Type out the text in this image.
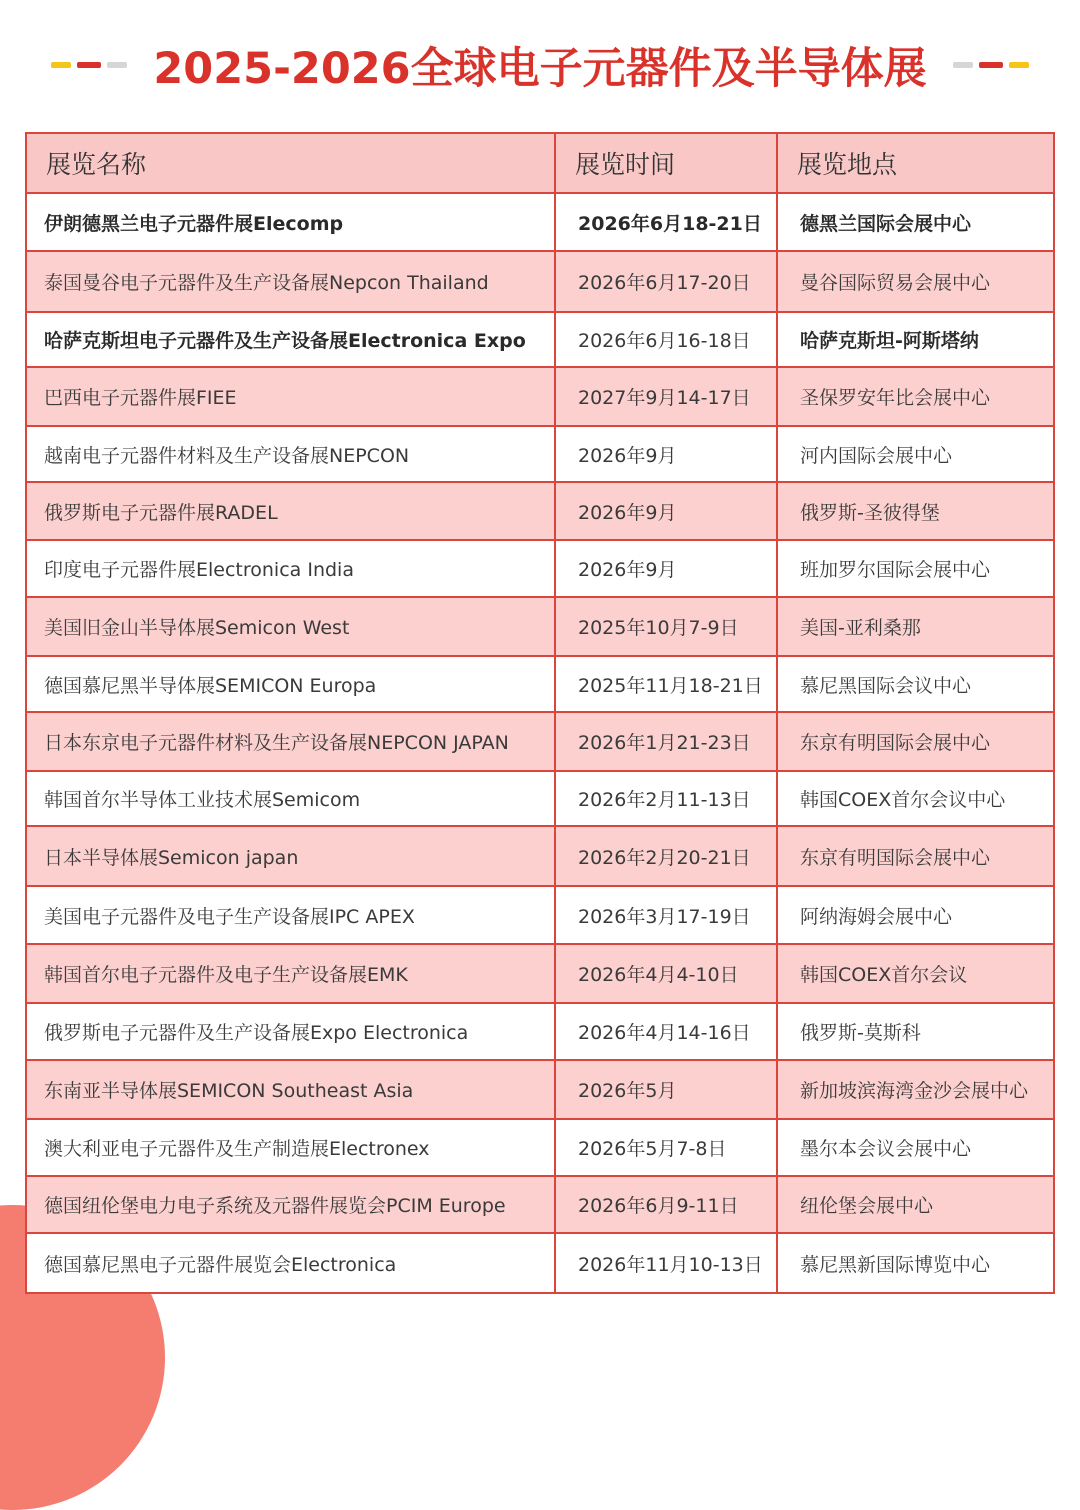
2025-2026全球电子元器件及半导体展
展览名称	展览时间	展览地点
伊朗德黑兰电子元器件展Elecomp	2026年6月18-21日	德黑兰国际会展中心
泰国曼谷电子元器件及生产设备展Nepcon Thailand	2026年6月17-20日	曼谷国际贸易会展中心
哈萨克斯坦电子元器件及生产设备展Electronica Expo	2026年6月16-18日	哈萨克斯坦-阿斯塔纳
巴西电子元器件展FIEE	2027年9月14-17日	圣保罗安年比会展中心
越南电子元器件材料及生产设备展NEPCON	2026年9月	河内国际会展中心
俄罗斯电子元器件展RADEL	2026年9月	俄罗斯-圣彼得堡
印度电子元器件展Electronica India	2026年9月	班加罗尔国际会展中心
美国旧金山半导体展Semicon West	2025年10月7-9日	美国-亚利桑那
德国慕尼黑半导体展SEMICON Europa	2025年11月18-21日	慕尼黑国际会议中心
日本东京电子元器件材料及生产设备展NEPCON JAPAN	2026年1月21-23日	东京有明国际会展中心
韩国首尔半导体工业技术展Semicom	2026年2月11-13日	韩国COEX首尔会议中心
日本半导体展Semicon japan	2026年2月20-21日	东京有明国际会展中心
美国电子元器件及电子生产设备展IPC APEX	2026年3月17-19日	阿纳海姆会展中心
韩国首尔电子元器件及电子生产设备展EMK	2026年4月4-10日	韩国COEX首尔会议
俄罗斯电子元器件及生产设备展Expo Electronica	2026年4月14-16日	俄罗斯-莫斯科
东南亚半导体展SEMICON Southeast Asia	2026年5月	新加坡滨海湾金沙会展中心
澳大利亚电子元器件及生产制造展Electronex	2026年5月7-8日	墨尔本会议会展中心
德国纽伦堡电力电子系统及元器件展览会PCIM Europe	2026年6月9-11日	纽伦堡会展中心
德国慕尼黑电子元器件展览会Electronica	2026年11月10-13日	慕尼黑新国际博览中心
